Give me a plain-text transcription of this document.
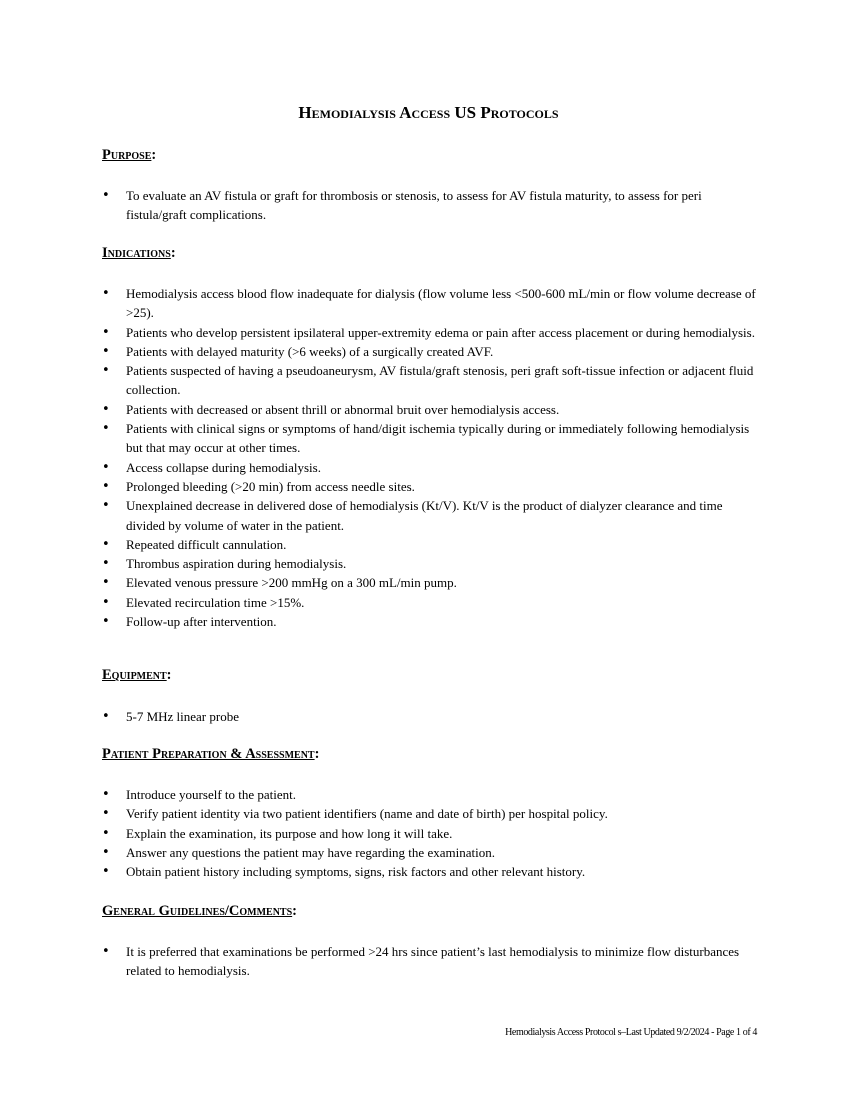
Hemodialysis Access US Protocols
Purpose:
• To evaluate an AV fistula or graft for thrombosis or stenosis, to assess for AV fistula maturity, to assess for peri fistula/graft complications.
Indications:
• Hemodialysis access blood flow inadequate for dialysis (flow volume less <500-600 mL/min or flow volume decrease of >25).
• Patients who develop persistent ipsilateral upper-extremity edema or pain after access placement or during hemodialysis.
• Patients with delayed maturity (>6 weeks) of a surgically created AVF.
• Patients suspected of having a pseudoaneurysm, AV fistula/graft stenosis, peri graft soft-tissue infection or adjacent fluid collection.
• Patients with decreased or absent thrill or abnormal bruit over hemodialysis access.
• Patients with clinical signs or symptoms of hand/digit ischemia typically during or immediately following hemodialysis but that may occur at other times.
• Access collapse during hemodialysis.
• Prolonged bleeding (>20 min) from access needle sites.
• Unexplained decrease in delivered dose of hemodialysis (Kt/V). Kt/V is the product of dialyzer clearance and time divided by volume of water in the patient.
• Repeated difficult cannulation.
• Thrombus aspiration during hemodialysis.
• Elevated venous pressure >200 mmHg on a 300 mL/min pump.
• Elevated recirculation time >15%.
• Follow-up after intervention.
Equipment:
• 5-7 MHz linear probe
Patient Preparation & Assessment:
• Introduce yourself to the patient.
• Verify patient identity via two patient identifiers (name and date of birth) per hospital policy.
• Explain the examination, its purpose and how long it will take.
• Answer any questions the patient may have regarding the examination.
• Obtain patient history including symptoms, signs, risk factors and other relevant history.
General Guidelines/Comments:
• It is preferred that examinations be performed >24 hrs since patient’s last hemodialysis to minimize flow disturbances related to hemodialysis.

Hemodialysis Access Protocol s–Last Updated 9/2/2024 - Page 1 of 4
